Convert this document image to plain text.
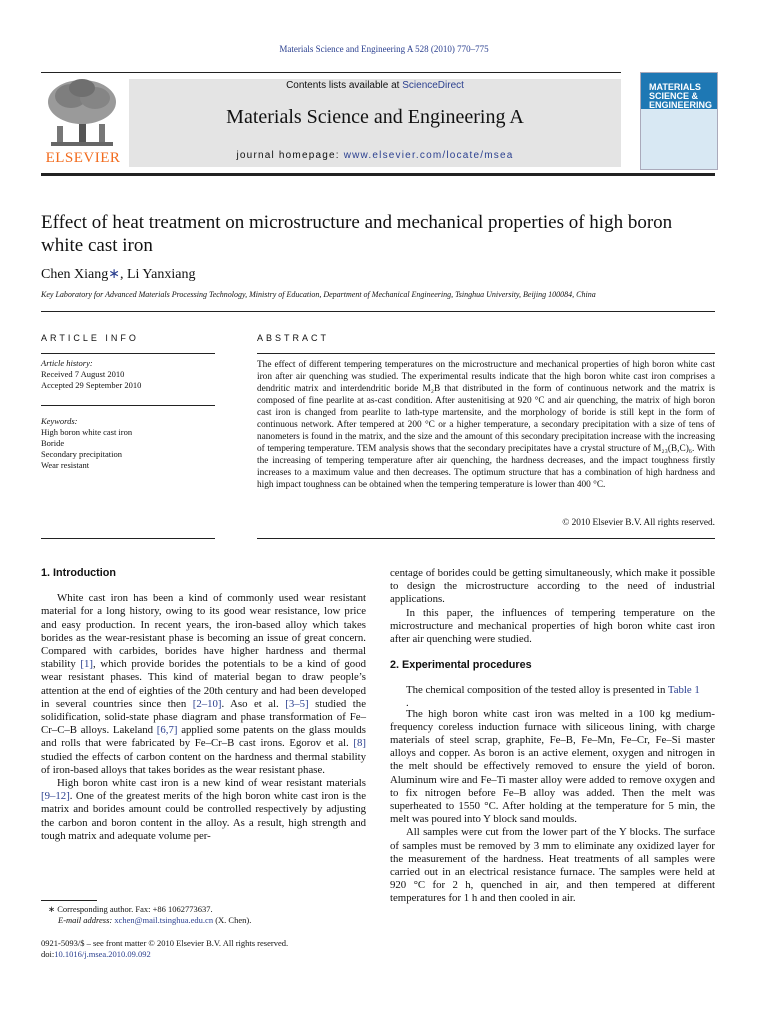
Materials Science and Engineering A 528 (2010) 770–775
ELSEVIER
Contents lists available at ScienceDirect
Materials Science and Engineering A
journal homepage: www.elsevier.com/locate/msea
MATERIALS SCIENCE & ENGINEERING
Effect of heat treatment on microstructure and mechanical properties of high boron white cast iron
Chen Xiang∗, Li Yanxiang
Key Laboratory for Advanced Materials Processing Technology, Ministry of Education, Department of Mechanical Engineering, Tsinghua University, Beijing 100084, China
ARTICLE INFO
Article history:
Received 7 August 2010
Accepted 29 September 2010
Keywords:
High boron white cast iron
Boride
Secondary precipitation
Wear resistant
ABSTRACT
The effect of different tempering temperatures on the microstructure and mechanical properties of high boron white cast iron after air quenching was studied. The experimental results indicate that the high boron white cast iron comprises a dendritic matrix and interdendritic boride M₂B that distributed in the form of continuous network and the matrix is composed of fine pearlite at as-cast condition. After austenitising at 920 °C and air quenching, the matrix of high boron cast iron is changed from pearlite to lath-type martensite, and the morphology of boride is still kept in the form of continuous network. After tempered at 200 °C or a higher temperature, a secondary precipitation with a size of tens of nanometers is found in the matrix, and the size and the amount of this secondary precipitation increase with the increasing of tempering temperature. TEM analysis shows that the secondary precipitates have a crystal structure of M₂₃(B,C)₆. With the increasing of tempering temperature after air quenching, the hardness decreases, and the impact toughness firstly increases to a maximum value and then decreases. The optimum structure that has a combination of high hardness and high impact toughness can be obtained when the tempering temperature is lower than 400 °C.
© 2010 Elsevier B.V. All rights reserved.
1. Introduction

White cast iron has been a kind of commonly used wear resistant material for a long history, owing to its good wear resistance, low price and easy production. In recent years, the iron-based alloy which takes borides as the wear-resistant phase is becoming an issue of great concern. Compared with carbides, borides have higher hardness and thermal stability [1], which provide borides the potentials to be a kind of good wear resistant phases. This kind of material began to draw people’s attention at the end of eighties of the 20th century and had been developed in several countries since then [2–10]. Aso et al. [3–5] studied the solidification, solid-state phase diagram and phase transformation of Fe–Cr–C–B alloys. Lakeland [6,7] applied some patents on the glass moulds and rolls that were fabricated by Fe–Cr–B cast irons. Egorov et al. [8] studied the effects of carbon content on the hardness and thermal stability of iron-based alloys that takes borides as the wear resistant phase.

High boron white cast iron is a new kind of wear resistant materials [9–12]. One of the greatest merits of the high boron white cast iron is the matrix and borides amount could be controlled respectively by adjusting the carbon and boron content in the alloy. As a result, high strength and tough matrix and adequate volume per-

∗ Corresponding author. Fax: +86 1062773637.
E-mail address: xchen@mail.tsinghua.edu.cn (X. Chen).
0921-5093/$ – see front matter © 2010 Elsevier B.V. All rights reserved.
doi:10.1016/j.msea.2010.09.092

centage of borides could be getting simultaneously, which make it possible to design the microstructure according to the need of industrial applications.

In this paper, the influences of tempering temperature on the microstructure and mechanical properties of high boron white cast iron after air quenching were studied.

2. Experimental procedures

The chemical composition of the tested alloy is presented in Table 1

.

The high boron white cast iron was melted in a 100 kg medium-frequency coreless induction furnace with siliceous lining, with charge materials of steel scrap, graphite, Fe–B, Fe–Mn, Fe–Cr, Fe–Si master alloys and copper. As boron is an active element, oxygen and nitrogen in the melt should be effectively removed to ensure the yield of boron. Aluminum wire and Fe–Ti master alloy were added to remove oxygen and to fix nitrogen before Fe–B alloy was added. Then the melt was superheated to 1550 °C. After holding at the temperature for 5 min, the melt was poured into Y block sand moulds.

All samples were cut from the lower part of the Y blocks. The surface of samples must be removed by 3 mm to eliminate any oxidized layer for the measurement of the hardness. Heat treatments of all samples were carried out in an electrical resistance furnace. The samples were held at 920 °C for 2 h, quenched in air, and then tempered at different temperatures for 1 h and then cooled in air.
